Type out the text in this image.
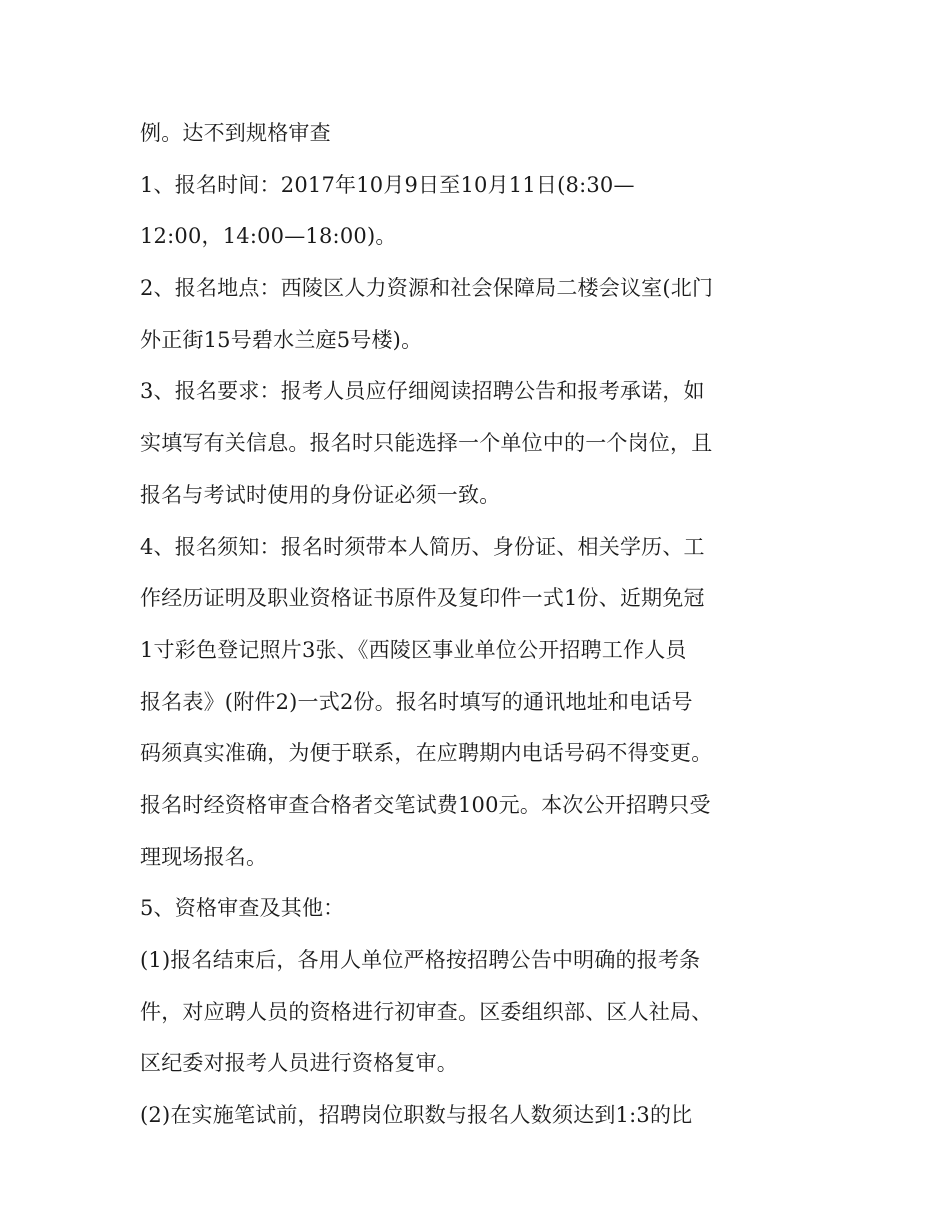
例。达不到规格审查
1、报名时间：2017年10月9日至10月11日(8:30—
12:00，14:00—18:00)。
2、报名地点：西陵区人力资源和社会保障局二楼会议室(北门
外正街15号碧水兰庭5号楼)。
3、报名要求：报考人员应仔细阅读招聘公告和报考承诺，如
实填写有关信息。报名时只能选择一个单位中的一个岗位，且
报名与考试时使用的身份证必须一致。
4、报名须知：报名时须带本人简历、身份证、相关学历、工
作经历证明及职业资格证书原件及复印件一式1份、近期免冠
1寸彩色登记照片3张、《西陵区事业单位公开招聘工作人员
报名表》(附件2)一式2份。报名时填写的通讯地址和电话号
码须真实准确，为便于联系，在应聘期内电话号码不得变更。
报名时经资格审查合格者交笔试费100元。本次公开招聘只受
理现场报名。
5、资格审查及其他：
(1)报名结束后，各用人单位严格按招聘公告中明确的报考条
件，对应聘人员的资格进行初审查。区委组织部、区人社局、
区纪委对报考人员进行资格复审。
(2)在实施笔试前，招聘岗位职数与报名人数须达到1:3的比
